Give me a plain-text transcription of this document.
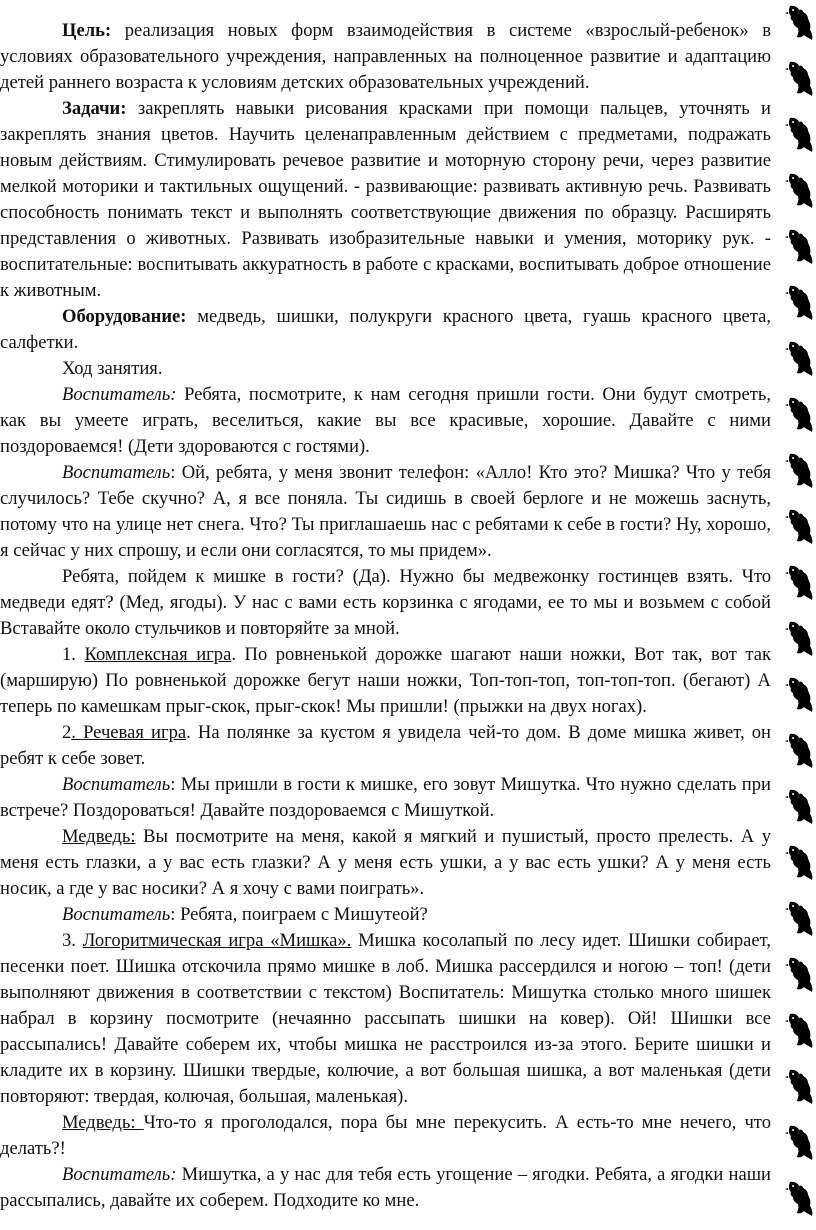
Цель: реализация новых форм взаимодействия в системе «взрослый-ребенок» в условиях образовательного учреждения, направленных на полноценное развитие и адаптацию детей раннего возраста к условиям детских образовательных учреждений.

Задачи: закреплять навыки рисования красками при помощи пальцев, уточнять и закреплять знания цветов. Научить целенаправленным действием с предметами, подражать новым действиям. Стимулировать речевое развитие и моторную сторону речи, через развитие мелкой моторики и тактильных ощущений. - развивающие: развивать активную речь. Развивать способность понимать текст и выполнять соответствующие движения по образцу. Расширять представления о животных. Развивать изобразительные навыки и умения, моторику рук. - воспитательные: воспитывать аккуратность в работе с красками, воспитывать доброе отношение к животным.

Оборудование: медведь, шишки, полукруги красного цвета, гуашь красного цвета, салфетки.

Ход занятия.

Воспитатель: Ребята, посмотрите, к нам сегодня пришли гости. Они будут смотреть, как вы умеете играть, веселиться, какие вы все красивые, хорошие. Давайте с ними поздороваемся! (Дети здороваются с гостями).

Воспитатель: Ой, ребята, у меня звонит телефон: «Алло! Кто это? Мишка? Что у тебя случилось? Тебе скучно? А, я все поняла. Ты сидишь в своей берлоге и не можешь заснуть, потому что на улице нет снега. Что? Ты приглашаешь нас с ребятами к себе в гости? Ну, хорошо, я сейчас у них спрошу, и если они согласятся, то мы придем».

Ребята, пойдем к мишке в гости? (Да). Нужно бы медвежонку гостинцев взять. Что медведи едят? (Мед, ягоды). У нас с вами есть корзинка с ягодами, ее то мы и возьмем с собой Вставайте около стульчиков и повторяйте за мной.

1. Комплексная игра. По ровненькой дорожке шагают наши ножки, Вот так, вот так (марширую) По ровненькой дорожке бегут наши ножки, Топ-топ-топ, топ-топ-топ. (бегают) А теперь по камешкам прыг-скок, прыг-скок! Мы пришли! (прыжки на двух ногах).

2. Речевая игра. На полянке за кустом я увидела чей-то дом. В доме мишка живет, он ребят к себе зовет.

Воспитатель: Мы пришли в гости к мишке, его зовут Мишутка. Что нужно сделать при встрече? Поздороваться! Давайте поздороваемся с Мишуткой.

Медведь: Вы посмотрите на меня, какой я мягкий и пушистый, просто прелесть. А у меня есть глазки, а у вас есть глазки? А у меня есть ушки, а у вас есть ушки? А у меня есть носик, а где у вас носики? А я хочу с вами поиграть».

Воспитатель: Ребята, поиграем с Мишутеой?

3. Логоритмическая игра «Мишка». Мишка косолапый по лесу идет. Шишки собирает, песенки поет. Шишка отскочила прямо мишке в лоб. Мишка рассердился и ногою – топ! (дети выполняют движения в соответствии с текстом) Воспитатель: Мишутка столько много шишек набрал в корзину посмотрите (нечаянно рассыпать шишки на ковер). Ой! Шишки все рассыпались! Давайте соберем их, чтобы мишка не расстроился из-за этого. Берите шишки и кладите их в корзину. Шишки твердые, колючие, а вот большая шишка, а вот маленькая (дети повторяют: твердая, колючая, большая, маленькая).

Медведь: Что-то я проголодался, пора бы мне перекусить. А есть-то мне нечего, что делать?!

Воспитатель: Мишутка, а у нас для тебя есть угощение – ягодки. Ребята, а ягодки наши рассыпались, давайте их соберем. Подходите ко мне.
